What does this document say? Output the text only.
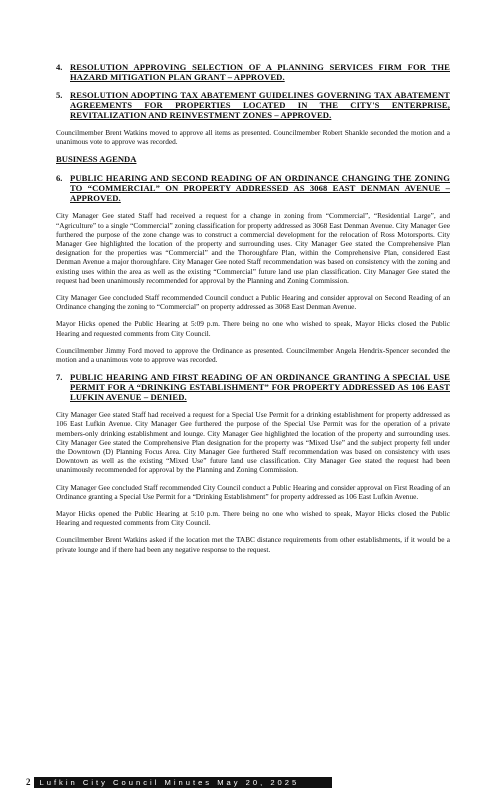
4. RESOLUTION APPROVING SELECTION OF A PLANNING SERVICES FIRM FOR THE HAZARD MITIGATION PLAN GRANT – APPROVED.
5. RESOLUTION ADOPTING TAX ABATEMENT GUIDELINES GOVERNING TAX ABATEMENT AGREEMENTS FOR PROPERTIES LOCATED IN THE CITY'S ENTERPRISE, REVITALIZATION AND REINVESTMENT ZONES – APPROVED.

Councilmember Brent Watkins moved to approve all items as presented. Councilmember Robert Shankle seconded the motion and a unanimous vote to approve was recorded.

BUSINESS AGENDA
6. PUBLIC HEARING AND SECOND READING OF AN ORDINANCE CHANGING THE ZONING TO “COMMERCIAL” ON PROPERTY ADDRESSED AS 3068 EAST DENMAN AVENUE – APPROVED.

City Manager Gee stated Staff had received a request for a change in zoning from “Commercial”, “Residential Large”, and “Agriculture” to a single “Commercial” zoning classification for property addressed as 3068 East Denman Avenue. City Manager Gee furthered the purpose of the zone change was to construct a commercial development for the relocation of Ross Motorsports. City Manager Gee highlighted the location of the property and surrounding uses. City Manager Gee stated the Comprehensive Plan designation for the properties was “Commercial” and the Thoroughfare Plan, within the Comprehensive Plan, considered East Denman Avenue a major thoroughfare. City Manager Gee noted Staff recommendation was based on consistency with the zoning and existing uses within the area as well as the existing “Commercial” future land use plan classification. City Manager Gee stated the request had been unanimously recommended for approval by the Planning and Zoning Commission.

City Manager Gee concluded Staff recommended Council conduct a Public Hearing and consider approval on Second Reading of an Ordinance changing the zoning to “Commercial” on property addressed as 3068 East Denman Avenue.

Mayor Hicks opened the Public Hearing at 5:09 p.m. There being no one who wished to speak, Mayor Hicks closed the Public Hearing and requested comments from City Council.

Councilmember Jimmy Ford moved to approve the Ordinance as presented. Councilmember Angela Hendrix-Spencer seconded the motion and a unanimous vote to approve was recorded.

7. PUBLIC HEARING AND FIRST READING OF AN ORDINANCE GRANTING A SPECIAL USE PERMIT FOR A “DRINKING ESTABLISHMENT” FOR PROPERTY ADDRESSED AS 106 EAST LUFKIN AVENUE – DENIED.

City Manager Gee stated Staff had received a request for a Special Use Permit for a drinking establishment for property addressed as 106 East Lufkin Avenue. City Manager Gee furthered the purpose of the Special Use Permit was for the operation of a private members-only drinking establishment and lounge. City Manager Gee highlighted the location of the property and surrounding uses. City Manager Gee stated the Comprehensive Plan designation for the property was “Mixed Use” and the subject property fell under the Downtown (D) Planning Focus Area. City Manager Gee furthered Staff recommendation was based on consistency with uses Downtown as well as the existing “Mixed Use” future land use classification. City Manager Gee stated the request had been unanimously recommended for approval by the Planning and Zoning Commission.

City Manager Gee concluded Staff recommended City Council conduct a Public Hearing and consider approval on First Reading of an Ordinance granting a Special Use Permit for a “Drinking Establishment” for property addressed as 106 East Lufkin Avenue.

Mayor Hicks opened the Public Hearing at 5:10 p.m. There being no one who wished to speak, Mayor Hicks closed the Public Hearing and requested comments from City Council.

Councilmember Brent Watkins asked if the location met the TABC distance requirements from other establishments, if it would be a private lounge and if there had been any negative response to the request.

2	Lufkin City Council Minutes May 20, 2025
